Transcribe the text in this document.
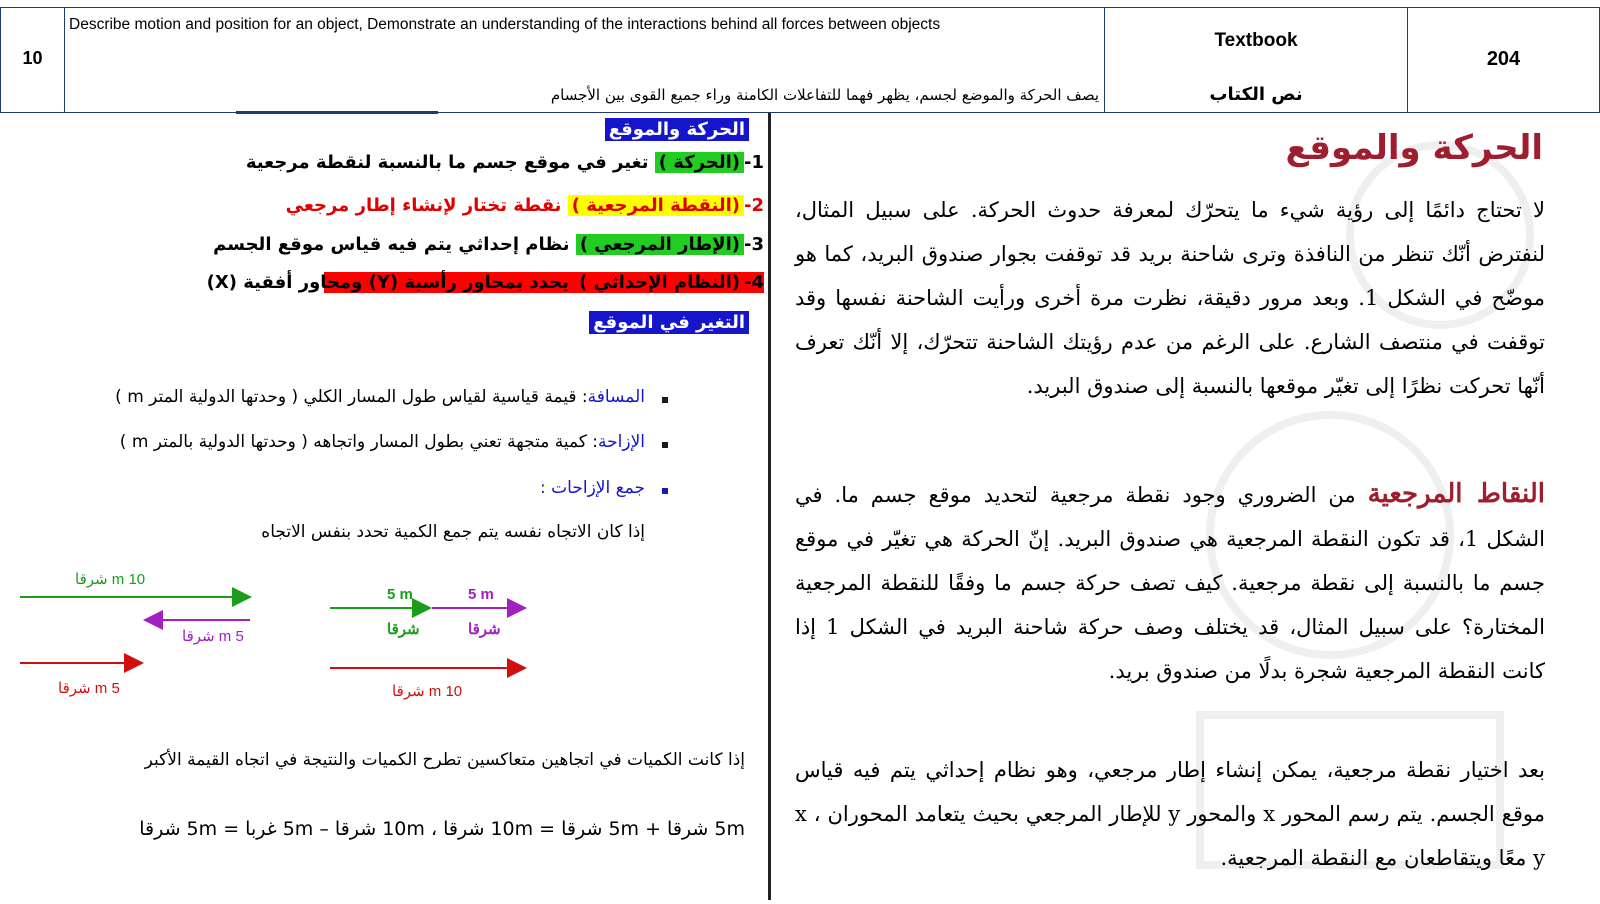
10
Describe motion and position for an object, Demonstrate an understanding of the interactions behind all forces between objects
يصف الحركة والموضع لجسم، يظهر فهما للتفاعلات الكامنة وراء جميع القوى بين الأجسام
Textbook
نص الكتاب
204
الحركة والموقع
1-(الحركة ) تغير في موقع جسم ما بالنسبة لنقطة مرجعية
2-(النقطة المرجعية ) نقطة تختار لإنشاء إطار مرجعي
3-(الإطار المرجعي ) نظام إحداثي يتم فيه قياس موقع الجسم
4-(النظام الإحداثي ) يحدد بمحاور رأسية (Y) ومحاور أفقية (X)
التغير في الموقع
المسافة: قيمة قياسية لقياس طول المسار الكلي ( وحدتها الدولية المتر m )
الإزاحة: كمية متجهة تعني بطول المسار واتجاهه ( وحدتها الدولية بالمتر m )
جمع الإزاحات :
إذا كان الاتجاه نفسه يتم جمع الكمية تحدد بنفس الاتجاه
10 m شرقا
5 m شرقا
5 m شرقا
5 m
شرقا
5 m
شرقا
10 m شرقا
إذا كانت الكميات في اتجاهين متعاكسين تطرح الكميات والنتيجة في اتجاه القيمة الأكبر
5m شرقا + 5m شرقا = 10m شرقا ، 10m شرقا – 5m غربا = 5m شرقا
الحركة والموقع
لا تحتاج دائمًا إلى رؤية شيء ما يتحرّك لمعرفة حدوث الحركة. على سبيل المثال، لنفترض أنّك تنظر من النافذة وترى شاحنة بريد قد توقفت بجوار صندوق البريد، كما هو موضّح في الشكل 1. وبعد مرور دقيقة، نظرت مرة أخرى ورأيت الشاحنة نفسها وقد توقفت في منتصف الشارع. على الرغم من عدم رؤيتك الشاحنة تتحرّك، إلا أنّك تعرف أنّها تحركت نظرًا إلى تغيّر موقعها بالنسبة إلى صندوق البريد.
النقاط المرجعية من الضروري وجود نقطة مرجعية لتحديد موقع جسم ما. في الشكل 1، قد تكون النقطة المرجعية هي صندوق البريد. إنّ الحركة هي تغيّر في موقع جسم ما بالنسبة إلى نقطة مرجعية. كيف تصف حركة جسم ما وفقًا للنقطة المرجعية المختارة؟ على سبيل المثال، قد يختلف وصف حركة شاحنة البريد في الشكل 1 إذا كانت النقطة المرجعية شجرة بدلًا من صندوق بريد.
بعد اختيار نقطة مرجعية، يمكن إنشاء إطار مرجعي، وهو نظام إحداثي يتم فيه قياس موقع الجسم. يتم رسم المحور x والمحور y للإطار المرجعي بحيث يتعامد المحوران x ، y معًا ويتقاطعان مع النقطة المرجعية.
